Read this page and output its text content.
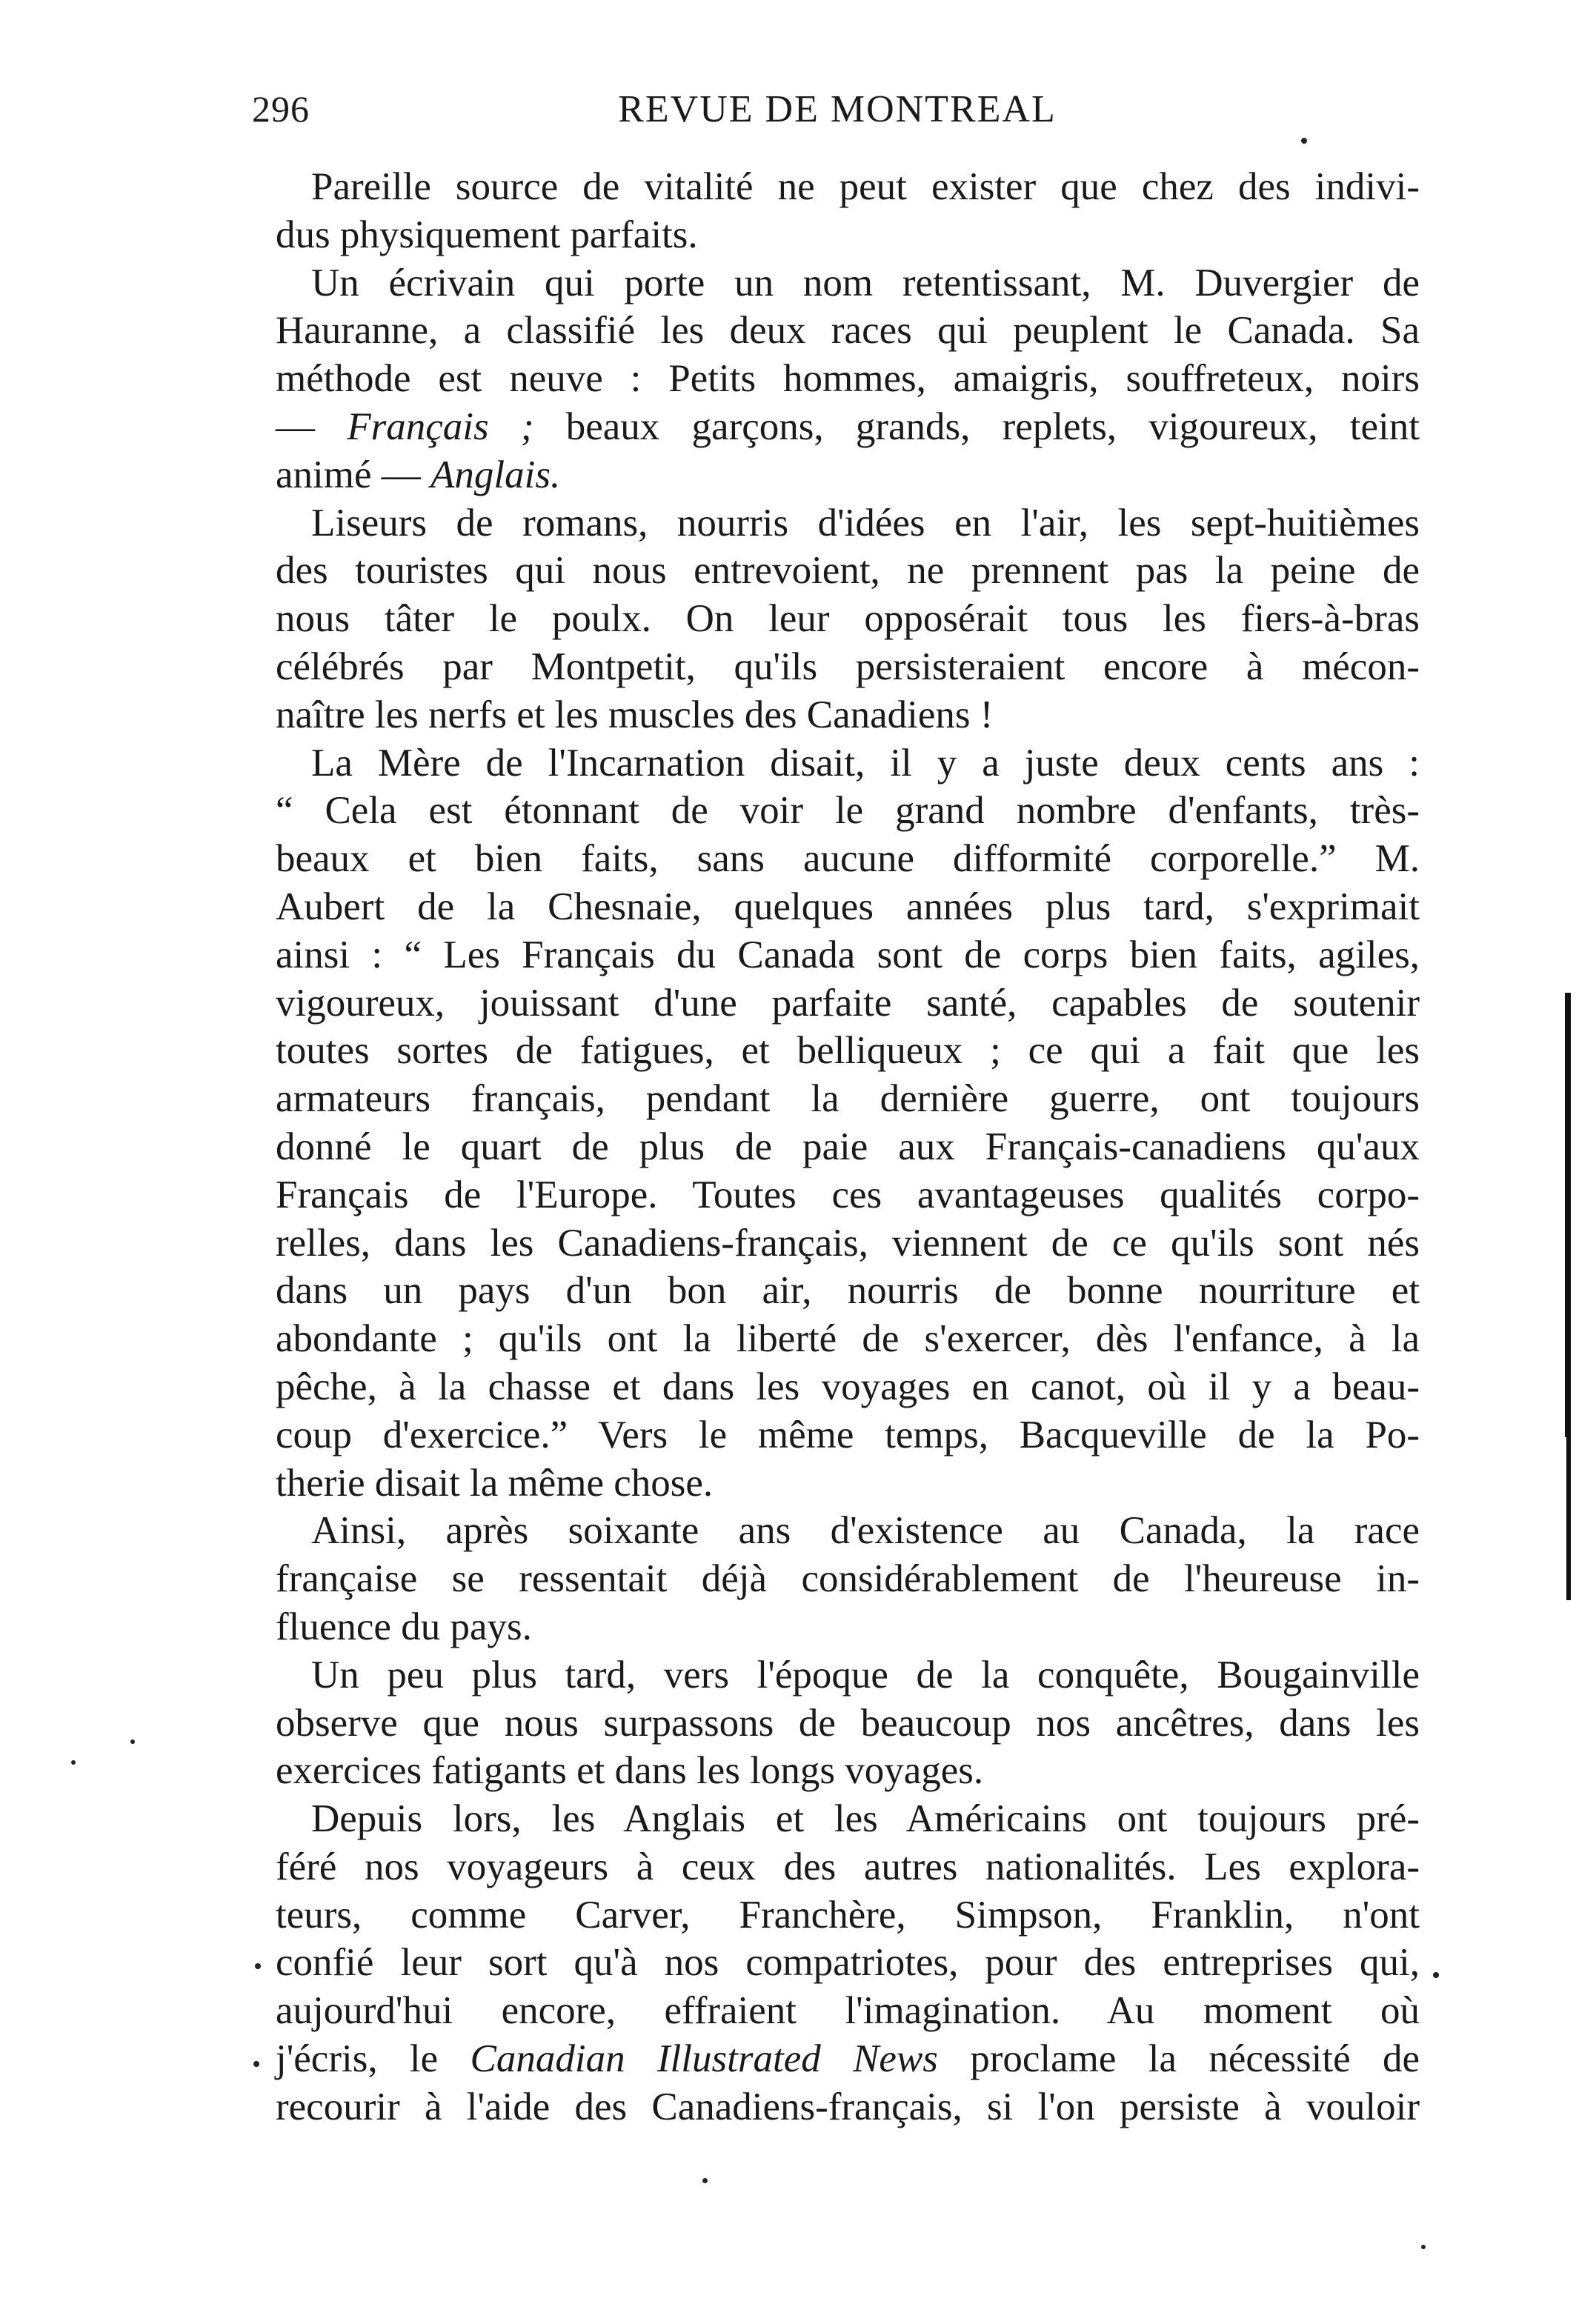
296	REVUE DE MONTREAL
Pareille source de vitalité ne peut exister que chez des indivi-
dus physiquement parfaits.
Un écrivain qui porte un nom retentissant, M. Duvergier de
Hauranne, a classifié les deux races qui peuplent le Canada. Sa
méthode est neuve : Petits hommes, amaigris, souffreteux, noirs
— Français ; beaux garçons, grands, replets, vigoureux, teint
animé — Anglais.
Liseurs de romans, nourris d'idées en l'air, les sept-huitièmes
des touristes qui nous entrevoient, ne prennent pas la peine de
nous tâter le poulx. On leur opposérait tous les fiers-à-bras
célébrés par Montpetit, qu'ils persisteraient encore à mécon-
naître les nerfs et les muscles des Canadiens !
La Mère de l'Incarnation disait, il y a juste deux cents ans :
“ Cela est étonnant de voir le grand nombre d'enfants, très-
beaux et bien faits, sans aucune difformité corporelle.” M.
Aubert de la Chesnaie, quelques années plus tard, s'exprimait
ainsi : “ Les Français du Canada sont de corps bien faits, agiles,
vigoureux, jouissant d'une parfaite santé, capables de soutenir
toutes sortes de fatigues, et belliqueux ; ce qui a fait que les
armateurs français, pendant la dernière guerre, ont toujours
donné le quart de plus de paie aux Français-canadiens qu'aux
Français de l'Europe. Toutes ces avantageuses qualités corpo-
relles, dans les Canadiens-français, viennent de ce qu'ils sont nés
dans un pays d'un bon air, nourris de bonne nourriture et
abondante ; qu'ils ont la liberté de s'exercer, dès l'enfance, à la
pêche, à la chasse et dans les voyages en canot, où il y a beau-
coup d'exercice.” Vers le même temps, Bacqueville de la Po-
therie disait la même chose.
Ainsi, après soixante ans d'existence au Canada, la race
française se ressentait déjà considérablement de l'heureuse in-
fluence du pays.
Un peu plus tard, vers l'époque de la conquête, Bougainville
observe que nous surpassons de beaucoup nos ancêtres, dans les
exercices fatigants et dans les longs voyages.
Depuis lors, les Anglais et les Américains ont toujours pré-
féré nos voyageurs à ceux des autres nationalités. Les explora-
teurs, comme Carver, Franchère, Simpson, Franklin, n'ont
confié leur sort qu'à nos compatriotes, pour des entreprises qui,
aujourd'hui encore, effraient l'imagination. Au moment où
j'écris, le Canadian Illustrated News proclame la nécessité de
recourir à l'aide des Canadiens-français, si l'on persiste à vouloir
